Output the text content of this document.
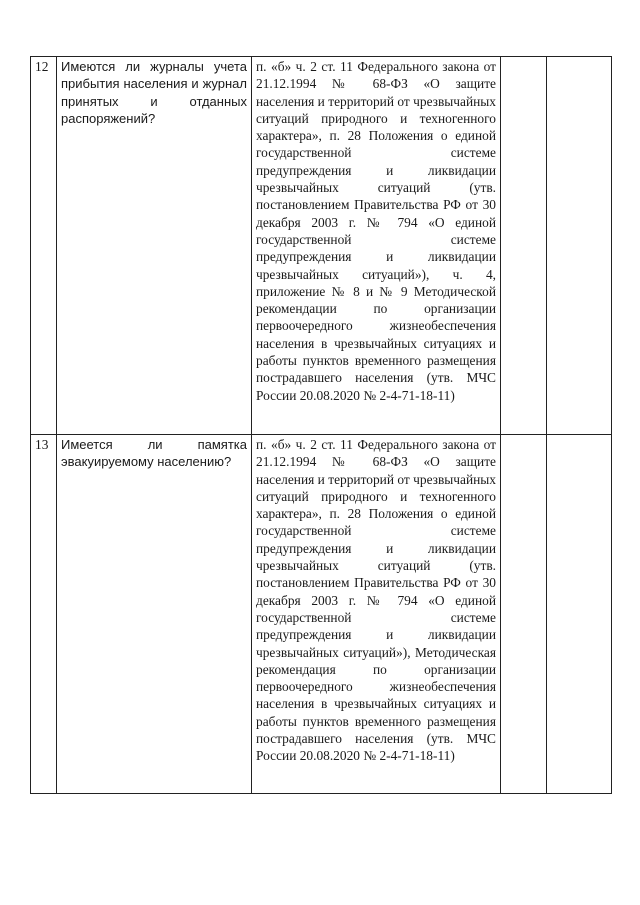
12	Имеются ли журналы учета прибытия населения и журнал принятых и отданных распоряжений?	п. «б» ч. 2 ст. 11 Федерального закона от 21.12.1994 № 68-ФЗ «О защите населения и территорий от чрезвычайных ситуаций природного и техногенного характера», п. 28 Положения о единой государственной системе предупреждения и ликвидации чрезвычайных ситуаций (утв. постановлением Правительства РФ от 30 декабря 2003 г. № 794 «О единой государственной системе предупреждения и ликвидации чрезвычайных ситуаций»), ч. 4, приложение № 8 и № 9 Методической рекомендации по организации первоочередного жизнеобеспечения населения в чрезвычайных ситуациях и работы пунктов временного размещения пострадавшего населения (утв. МЧС России 20.08.2020 № 2-4-71-18-11)		
13	Имеется ли памятка эвакуируемому населению?	п. «б» ч. 2 ст. 11 Федерального закона от 21.12.1994 № 68-ФЗ «О защите населения и территорий от чрезвычайных ситуаций природного и техногенного характера», п. 28 Положения о единой государственной системе предупреждения и ликвидации чрезвычайных ситуаций (утв. постановлением Правительства РФ от 30 декабря 2003 г. № 794 «О единой государственной системе предупреждения и ликвидации чрезвычайных ситуаций»), Методическая рекомендация по организации первоочередного жизнеобеспечения населения в чрезвычайных ситуациях и работы пунктов временного размещения пострадавшего населения (утв. МЧС России 20.08.2020 № 2-4-71-18-11)		
